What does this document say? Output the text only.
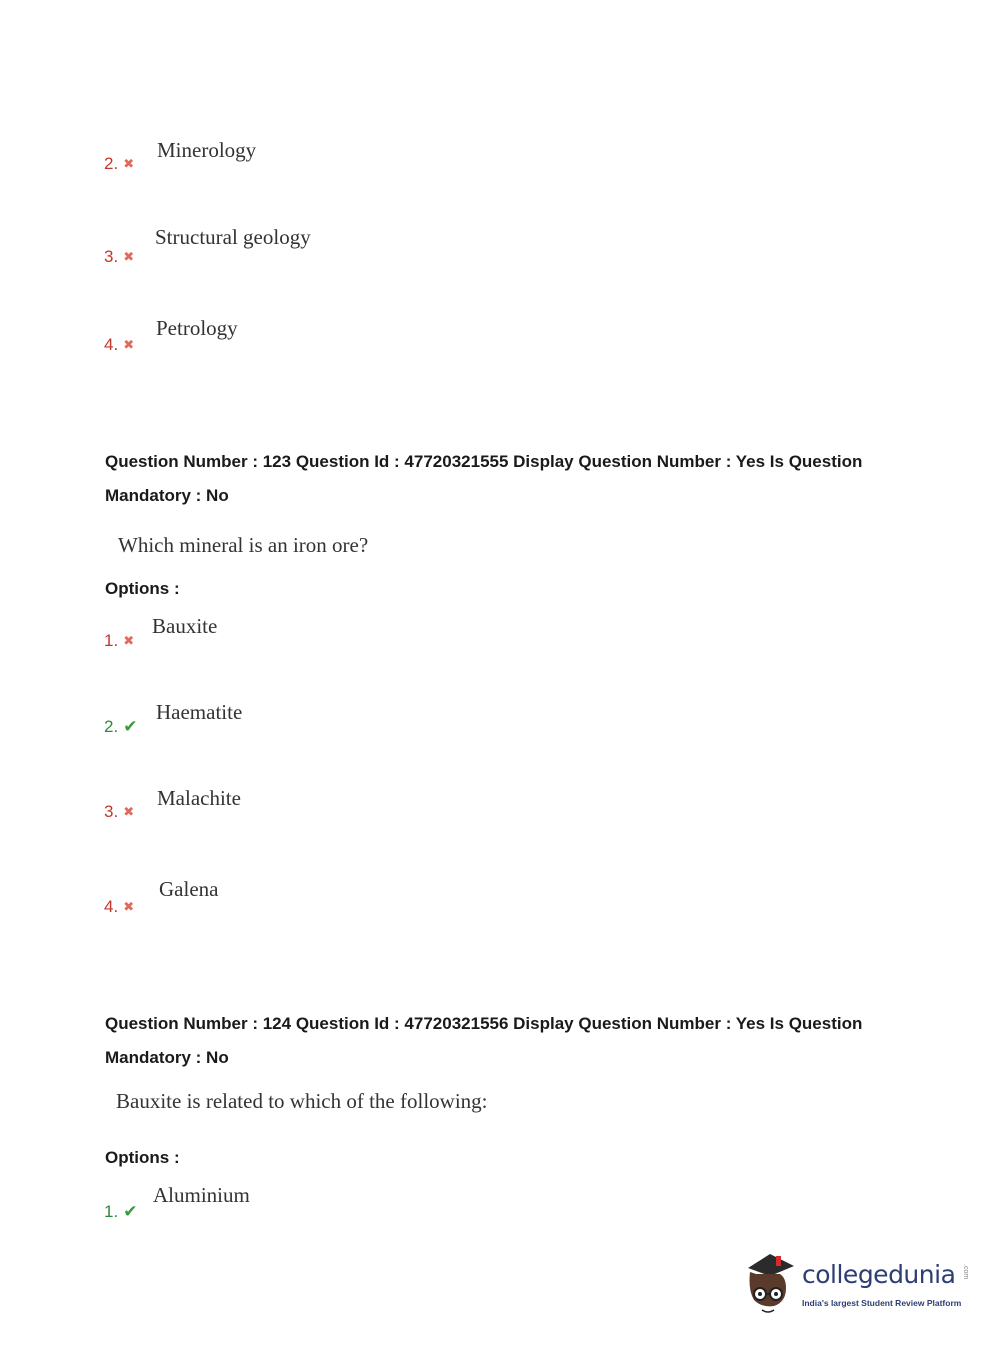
2. ✖
Minerology
3. ✖
Structural geology
4. ✖
Petrology
Question Number : 123 Question Id : 47720321555 Display Question Number : Yes Is Question
Mandatory : No
Which mineral is an iron ore?
Options :
1. ✖
Bauxite
2. ✔
Haematite
3. ✖
Malachite
4. ✖
Galena
Question Number : 124 Question Id : 47720321556 Display Question Number : Yes Is Question
Mandatory : No
Bauxite is related to which of the following:
Options :
1. ✔
Aluminium
collegedunia .com
India's largest Student Review Platform
